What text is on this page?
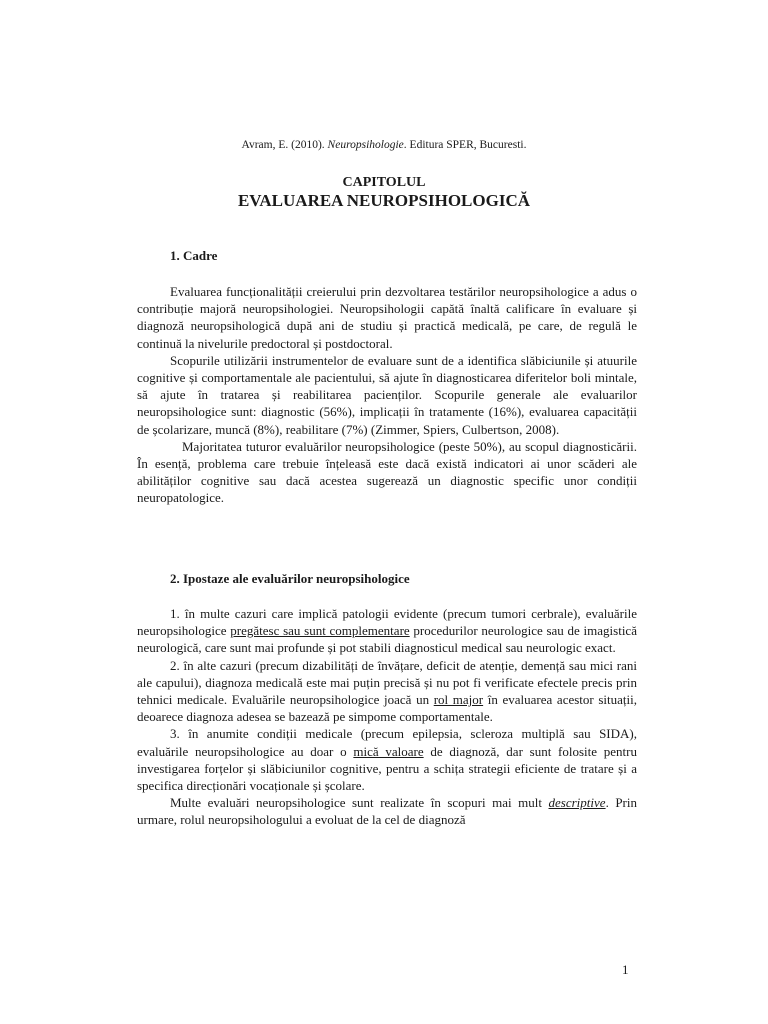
Avram, E. (2010). Neuropsihologie. Editura SPER, Bucuresti.
CAPITOLUL
EVALUAREA NEUROPSIHOLOGICĂ
1. Cadre

Evaluarea funcționalității creierului prin dezvoltarea testărilor neuropsihologice a adus o contribuție majoră neuropsihologiei. Neuropsihologii capătă înaltă calificare în evaluare și diagnoză neuropsihologică după ani de studiu și practică medicală, pe care, de regulă le continuă la nivelurile predoctoral și postdoctoral.

Scopurile utilizării instrumentelor de evaluare sunt de a identifica slăbiciunile și atuurile cognitive și comportamentale ale pacientului, să ajute în diagnosticarea diferitelor boli mintale, să ajute în tratarea și reabilitarea pacienților. Scopurile generale ale evaluarilor neuropsihologice sunt: diagnostic (56%), implicații în tratamente (16%), evaluarea capacității de școlarizare, muncă (8%), reabilitare (7%) (Zimmer, Spiers, Culbertson, 2008).

Majoritatea tuturor evaluărilor neuropsihologice (peste 50%), au scopul diagnosticării. În esență, problema care trebuie înțeleasă este dacă există indicatori ai unor scăderi ale abilităților cognitive sau dacă acestea sugerează un diagnostic specific unor condiții neuropatologice.

2. Ipostaze ale evaluărilor neuropsihologice

1. în multe cazuri care implică patologii evidente (precum tumori cerbrale), evaluările neuropsihologice pregătesc sau sunt complementare procedurilor neurologice sau de imagistică neurologică, care sunt mai profunde și pot stabili diagnosticul medical sau neurologic exact.

2. în alte cazuri (precum dizabilități de învățare, deficit de atenție, demență sau mici rani ale capului), diagnoza medicală este mai puțin precisă și nu pot fi verificate efectele precis prin tehnici medicale. Evaluările neuropsihologice joacă un rol major în evaluarea acestor situații, deoarece diagnoza adesea se bazează pe simpome comportamentale.

3. în anumite condiții medicale (precum epilepsia, scleroza multiplă sau SIDA), evaluările neuropsihologice au doar o mică valoare de diagnoză, dar sunt folosite pentru investigarea forțelor și slăbiciunilor cognitive, pentru a schița strategii eficiente de tratare și a specifica direcționări vocaționale și școlare.

Multe evaluări neuropsihologice sunt realizate în scopuri mai mult descriptive. Prin urmare, rolul neuropsihologului a evoluat de la cel de diagnoză

1
